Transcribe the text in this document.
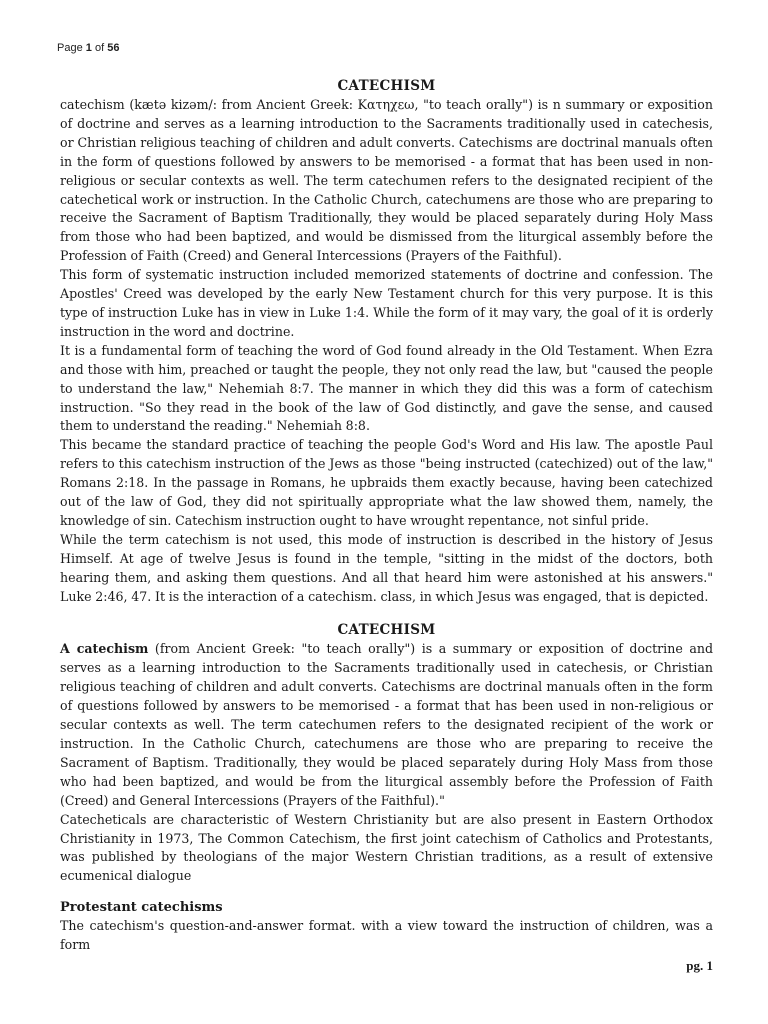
Page 1 of 56
CATECHISM

catechism (kætə kizəm/: from Ancient Greek: Κατηχεω, "to teach orally") is n summary or exposition of doctrine and serves as a learning introduction to the Sacraments traditionally used in catechesis, or Christian religious teaching of children and adult converts. Catechisms are doctrinal manuals often in the form of questions followed by answers to be memorised - a format that has been used in non-religious or secular contexts as well. The term catechumen refers to the designated recipient of the catechetical work or instruction. In the Catholic Church, catechumens are those who are preparing to receive the Sacrament of Baptism Traditionally, they would be placed separately during Holy Mass from those who had been baptized, and would be dismissed from the liturgical assembly before the Profession of Faith (Creed) and General Intercessions (Prayers of the Faithful).

This form of systematic instruction included memorized statements of doctrine and confession. The Apostles' Creed was developed by the early New Testament church for this very purpose. It is this type of instruction Luke has in view in Luke 1:4. While the form of it may vary, the goal of it is orderly instruction in the word and doctrine.

It is a fundamental form of teaching the word of God found already in the Old Testament. When Ezra and those with him, preached or taught the people, they not only read the law, but "caused the people to understand the law," Nehemiah 8:7. The manner in which they did this was a form of catechism instruction. "So they read in the book of the law of God distinctly, and gave the sense, and caused them to understand the reading." Nehemiah 8:8.

This became the standard practice of teaching the people God's Word and His law. The apostle Paul refers to this catechism instruction of the Jews as those "being instructed (catechized) out of the law," Romans 2:18. In the passage in Romans, he upbraids them exactly because, having been catechized out of the law of God, they did not spiritually appropriate what the law showed them, namely, the knowledge of sin. Catechism instruction ought to have wrought repentance, not sinful pride.

While the term catechism is not used, this mode of instruction is described in the history of Jesus Himself. At age of twelve Jesus is found in the temple, "sitting in the midst of the doctors, both hearing them, and asking them questions. And all that heard him were astonished at his answers." Luke 2:46, 47. It is the interaction of a catechism. class, in which Jesus was engaged, that is depicted.

CATECHISM

A catechism (from Ancient Greek: "to teach orally") is a summary or exposition of doctrine and serves as a learning introduction to the Sacraments traditionally used in catechesis, or Christian religious teaching of children and adult converts. Catechisms are doctrinal manuals often in the form of questions followed by answers to be memorised - a format that has been used in non-religious or secular contexts as well. The term catechumen refers to the designated recipient of the work or instruction. In the Catholic Church, catechumens are those who are preparing to receive the Sacrament of Baptism. Traditionally, they would be placed separately during Holy Mass from those who had been baptized, and would be from the liturgical assembly before the Profession of Faith (Creed) and General Intercessions (Prayers of the Faithful)."

Catecheticals are characteristic of Western Christianity but are also present in Eastern Orthodox Christianity in 1973, The Common Catechism, the first joint catechism of Catholics and Protestants, was published by theologians of the major Western Christian traditions, as a result of extensive ecumenical dialogue

Protestant catechisms

The catechism's question-and-answer format. with a view toward the instruction of children, was a form

pg. 1
